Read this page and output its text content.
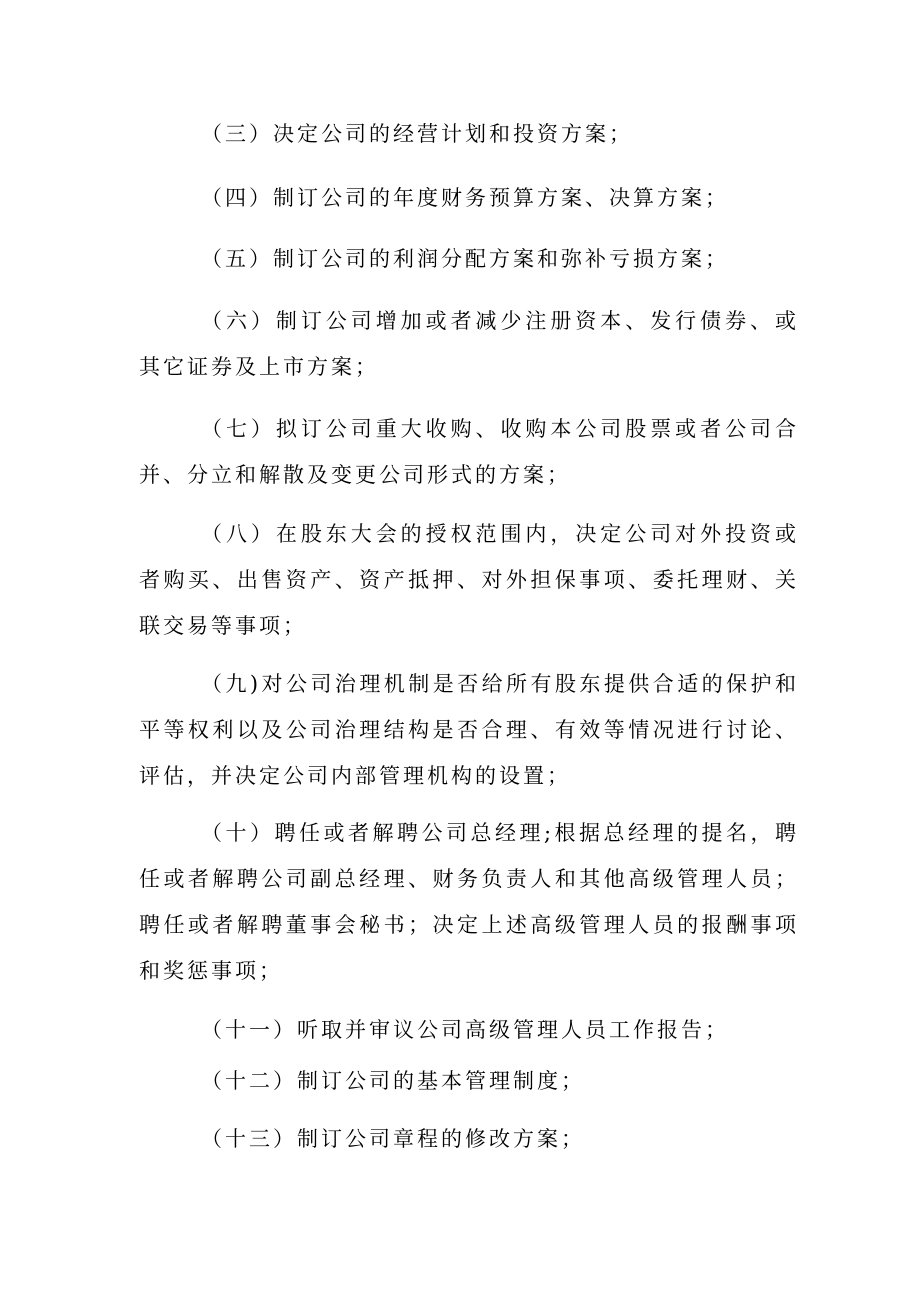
（三）决定公司的经营计划和投资方案；

（四）制订公司的年度财务预算方案、决算方案；

（五）制订公司的利润分配方案和弥补亏损方案；

（六）制订公司增加或者减少注册资本、发行债券、或其它证券及上市方案；

（七）拟订公司重大收购、收购本公司股票或者公司合并、分立和解散及变更公司形式的方案；

（八）在股东大会的授权范围内，决定公司对外投资或者购买、出售资产、资产抵押、对外担保事项、委托理财、关联交易等事项；

（九)对公司治理机制是否给所有股东提供合适的保护和平等权利以及公司治理结构是否合理、有效等情况进行讨论、评估，并决定公司内部管理机构的设置；

（十）聘任或者解聘公司总经理;根据总经理的提名，聘任或者解聘公司副总经理、财务负责人和其他高级管理人员；聘任或者解聘董事会秘书；决定上述高级管理人员的报酬事项和奖惩事项；

（十一）听取并审议公司高级管理人员工作报告；

（十二）制订公司的基本管理制度；

（十三）制订公司章程的修改方案；
